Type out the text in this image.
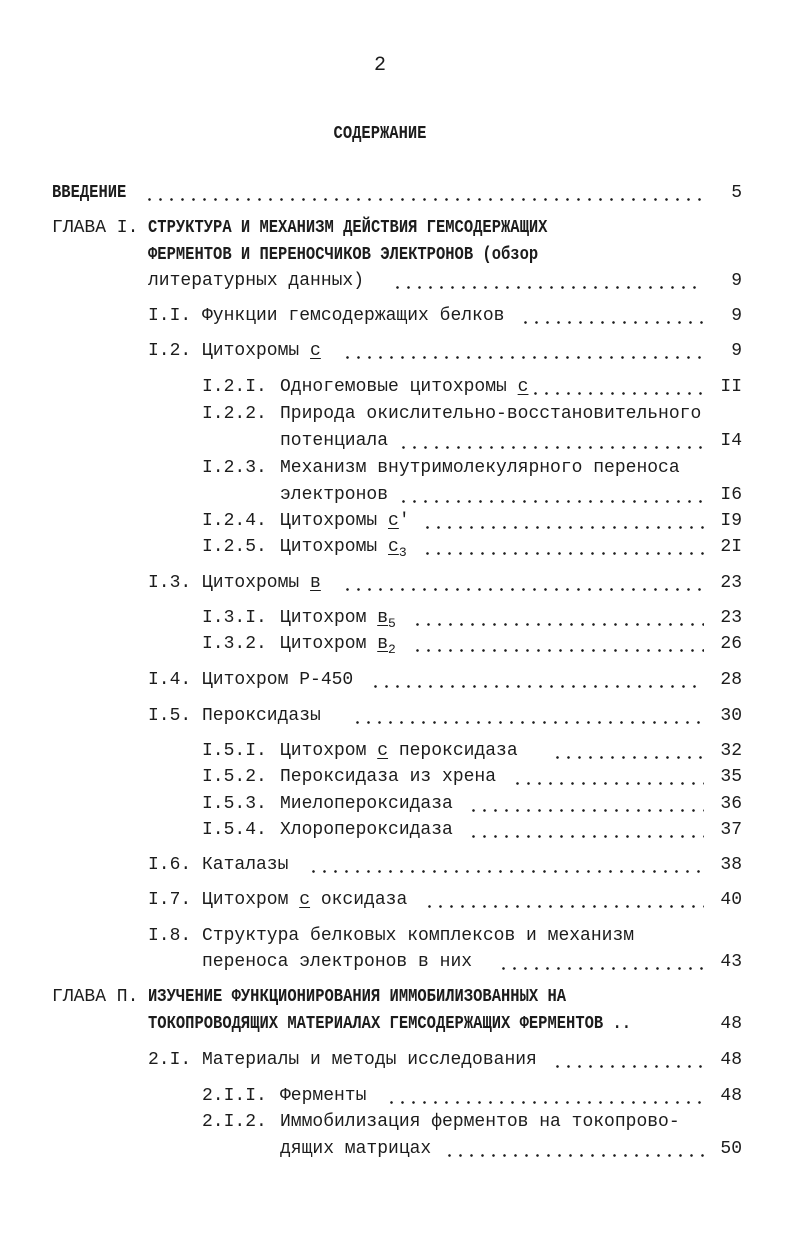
2
СОДЕРЖАНИЕ
ВВЕДЕНИЕ	5
ГЛАВА I. СТРУКТУРА И МЕХАНИЗМ ДЕЙСТВИЯ ГЕМСОДЕРЖАЩИХ
ФЕРМЕНТОВ И ПЕРЕНОСЧИКОВ ЭЛЕКТРОНОВ (обзор
литературных данных)	9
I.I. Функции гемсодержащих белков	9
I.2. Цитохромы с	9
I.2.I. Одногемовые цитохромы с	II
I.2.2. Природа окислительно-восстановительного
потенциала	I4
I.2.3. Механизм внутримолекулярного переноса
электронов	I6
I.2.4. Цитохромы с'	I9
I.2.5. Цитохромы $с_3$	2I
I.3. Цитохромы в	23
I.3.I. Цитохром $в_5$	23
I.3.2. Цитохром $в_2$	26
I.4. Цитохром Р-450	28
I.5. Пероксидазы	30
I.5.I. Цитохром с пероксидаза	32
I.5.2. Пероксидаза из хрена	35
I.5.3. Миелопероксидаза	36
I.5.4. Хлоропероксидаза	37
I.6. Каталазы	38
I.7. Цитохром с оксидаза	40
I.8. Структура белковых комплексов и механизм
переноса электронов в них	43
ГЛАВА П. ИЗУЧЕНИЕ ФУНКЦИОНИРОВАНИЯ ИММОБИЛИЗОВАННЫХ НА
ТОКОПРОВОДЯЩИХ МАТЕРИАЛАХ ГЕМСОДЕРЖАЩИХ ФЕРМЕНТОВ ..	48
2.I. Материалы и методы исследования	48
2.I.I. Ферменты	48
2.I.2. Иммобилизация ферментов на токопрово-
дящих матрицах	50
